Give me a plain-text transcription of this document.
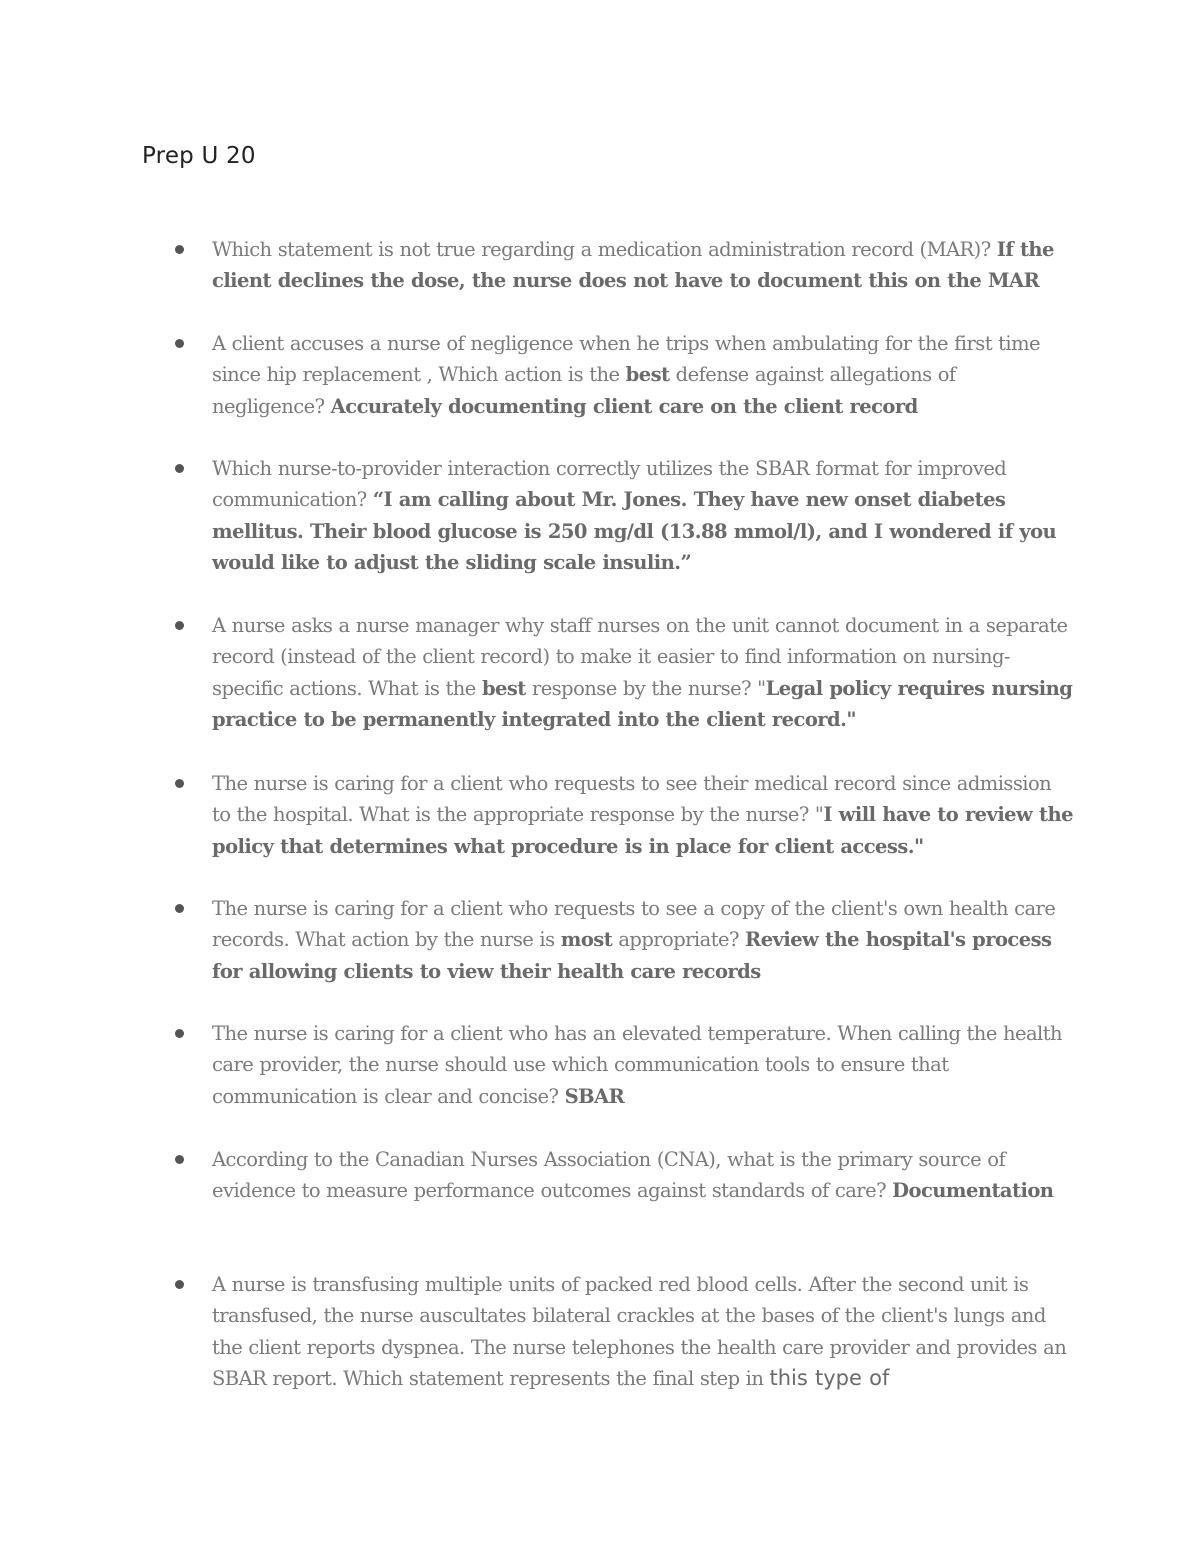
Prep U 20
Which statement is not true regarding a medication administration record (MAR)? If the client declines the dose, the nurse does not have to document this on the MAR
A client accuses a nurse of negligence when he trips when ambulating for the first time since hip replacement , Which action is the best defense against allegations of negligence? Accurately documenting client care on the client record
Which nurse-to-provider interaction correctly utilizes the SBAR format for improved communication? “I am calling about Mr. Jones. They have new onset diabetes mellitus. Their blood glucose is 250 mg/dl (13.88 mmol/l), and I wondered if you would like to adjust the sliding scale insulin.”
A nurse asks a nurse manager why staff nurses on the unit cannot document in a separate record (instead of the client record) to make it easier to find information on nursing-specific actions. What is the best response by the nurse? "Legal policy requires nursing practice to be permanently integrated into the client record."
The nurse is caring for a client who requests to see their medical record since admission to the hospital. What is the appropriate response by the nurse? "I will have to review the policy that determines what procedure is in place for client access."
The nurse is caring for a client who requests to see a copy of the client's own health care records. What action by the nurse is most appropriate? Review the hospital's process for allowing clients to view their health care records
The nurse is caring for a client who has an elevated temperature. When calling the health care provider, the nurse should use which communication tools to ensure that communication is clear and concise? SBAR
According to the Canadian Nurses Association (CNA), what is the primary source of evidence to measure performance outcomes against standards of care? Documentation
A nurse is transfusing multiple units of packed red blood cells. After the second unit is transfused, the nurse auscultates bilateral crackles at the bases of the client's lungs and the client reports dyspnea. The nurse telephones the health care provider and provides an SBAR report. Which statement represents the final step in this type of
